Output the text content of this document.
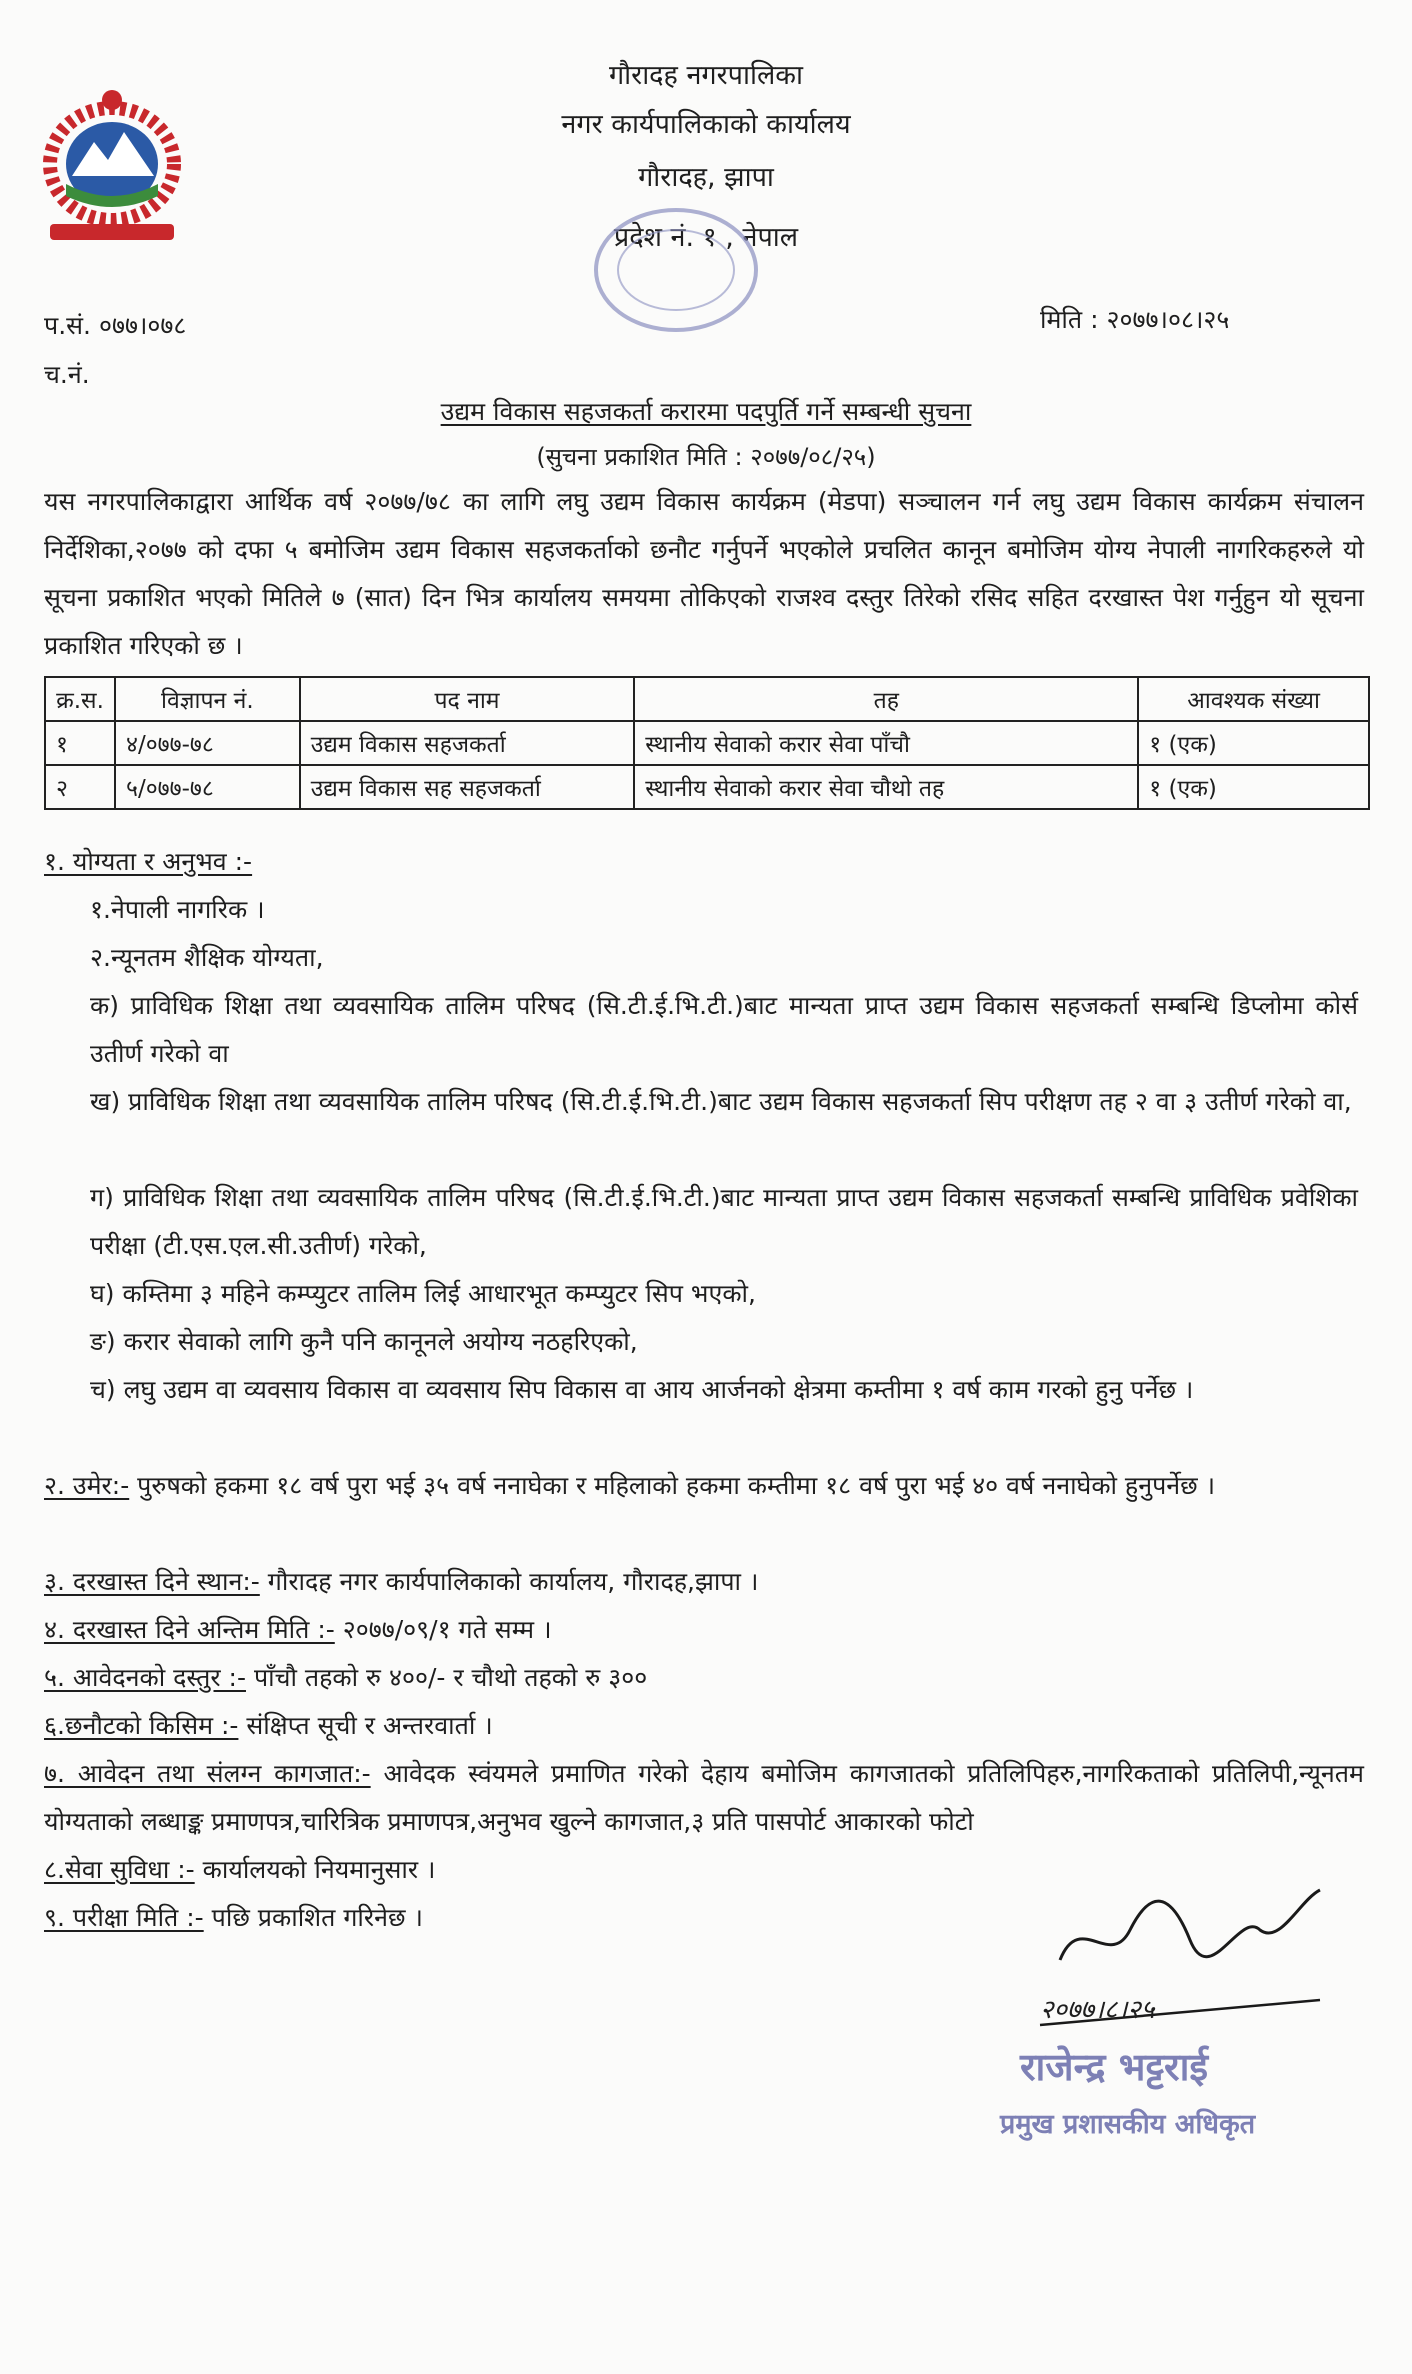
गौरादह नगरपालिका
नगर कार्यपालिकाको कार्यालय
गौरादह, झापा
प्रदेश नं. १ , नेपाल
प.सं. ०७७।०७८
च.नं.
मिति : २०७७।०८।२५
उद्यम विकास सहजकर्ता करारमा पदपुर्ति गर्ने सम्बन्धी सुचना
(सुचना प्रकाशित मिति : २०७७/०८/२५)
यस नगरपालिकाद्वारा आर्थिक वर्ष २०७७/७८ का लागि लघु उद्यम विकास कार्यक्रम (मेडपा) सञ्चालन गर्न लघु उद्यम विकास कार्यक्रम संचालन निर्देशिका,२०७७ को दफा ५ बमोजिम उद्यम विकास सहजकर्ताको छनौट गर्नुपर्ने भएकोले प्रचलित कानून बमोजिम योग्य नेपाली नागरिकहरुले यो सूचना प्रकाशित भएको मितिले ७ (सात) दिन भित्र कार्यालय समयमा तोकिएको राजश्व दस्तुर तिरेको रसिद सहित दरखास्त पेश गर्नुहुन यो सूचना प्रकाशित गरिएको छ ।
क्र.स.	विज्ञापन नं.	पद नाम	तह	आवश्यक संख्या
१	४/०७७-७८	उद्यम विकास सहजकर्ता	स्थानीय सेवाको करार सेवा पाँचौ	१ (एक)
२	५/०७७-७८	उद्यम विकास सह सहजकर्ता	स्थानीय सेवाको करार सेवा चौथो तह	१ (एक)
१. योग्यता र अनुभव :-
१.नेपाली नागरिक ।
२.न्यूनतम शैक्षिक योग्यता,
क) प्राविधिक शिक्षा तथा व्यवसायिक तालिम परिषद (सि.टी.ई.भि.टी.)बाट मान्यता प्राप्त उद्यम विकास सहजकर्ता सम्बन्धि डिप्लोमा कोर्स उतीर्ण गरेको वा
ख) प्राविधिक शिक्षा तथा व्यवसायिक तालिम परिषद (सि.टी.ई.भि.टी.)बाट उद्यम विकास सहजकर्ता सिप परीक्षण तह २ वा ३ उतीर्ण गरेको वा,
ग) प्राविधिक शिक्षा तथा व्यवसायिक तालिम परिषद (सि.टी.ई.भि.टी.)बाट मान्यता प्राप्त उद्यम विकास सहजकर्ता सम्बन्धि प्राविधिक प्रवेशिका परीक्षा (टी.एस.एल.सी.उतीर्ण) गरेको,
घ) कम्तिमा ३ महिने कम्प्युटर तालिम लिई आधारभूत कम्प्युटर सिप भएको,
ङ) करार सेवाको लागि कुनै पनि कानूनले अयोग्य नठहरिएको,
च) लघु उद्यम वा व्यवसाय विकास वा व्यवसाय सिप विकास वा आय आर्जनको क्षेत्रमा कम्तीमा १ वर्ष काम गरको हुनु पर्नेछ ।
२. उमेर:- पुरुषको हकमा १८ वर्ष पुरा भई ३५ वर्ष ननाघेका र महिलाको हकमा कम्तीमा १८ वर्ष पुरा भई ४० वर्ष ननाघेको हुनुपर्नेछ ।
३. दरखास्त दिने स्थान:- गौरादह नगर कार्यपालिकाको कार्यालय, गौरादह,झापा ।
४. दरखास्त दिने अन्तिम मिति :- २०७७/०९/१ गते सम्म ।
५. आवेदनको दस्तुर :- पाँचौ तहको रु ४००/- र चौथो तहको रु ३००
६.छनौटको किसिम :- संक्षिप्त सूची र अन्तरवार्ता ।
७. आवेदन तथा संलग्न कागजात:- आवेदक स्वंयमले प्रमाणित गरेको देहाय बमोजिम कागजातको प्रतिलिपिहरु,नागरिकताको प्रतिलिपी,न्यूनतम योग्यताको लब्धाङ्क प्रमाणपत्र,चारित्रिक प्रमाणपत्र,अनुभव खुल्ने कागजात,३ प्रति पासपोर्ट आकारको फोटो
८.सेवा सुविधा :- कार्यालयको नियमानुसार ।
९. परीक्षा मिति :- पछि प्रकाशित गरिनेछ ।
२०७७।८।२५
राजेन्द्र भट्टराई
प्रमुख प्रशासकीय अधिकृत
